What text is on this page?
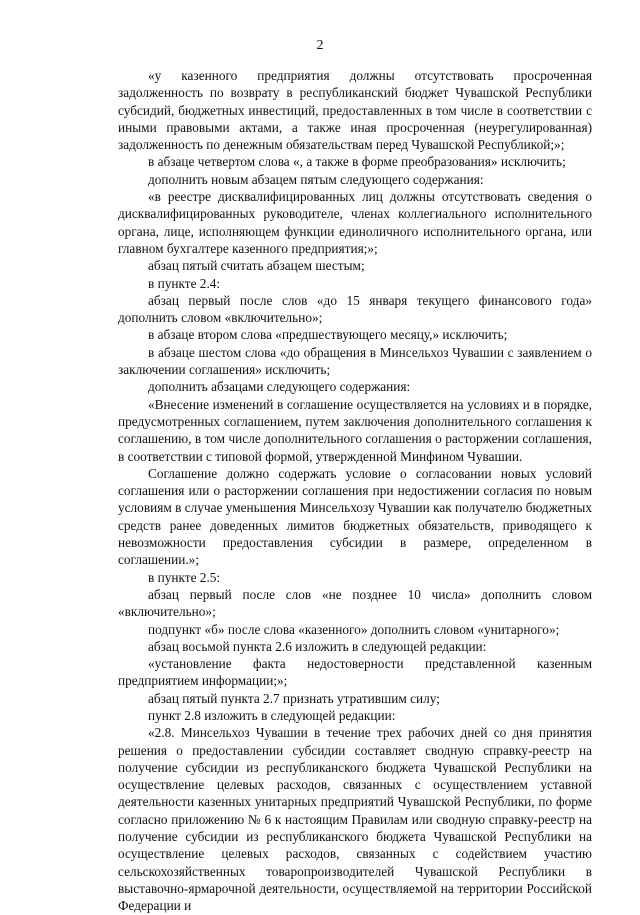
2

«у казенного предприятия должны отсутствовать просроченная задолженность по возврату в республиканский бюджет Чувашской Республики субсидий, бюджетных инвестиций, предоставленных в том числе в соответствии с иными правовыми актами, а также иная просроченная (неурегулированная) задолженность по денежным обязательствам перед Чувашской Республикой;»;

в абзаце четвертом слова «, а также в форме преобразования» исключить;

дополнить новым абзацем пятым следующего содержания:

«в реестре дисквалифицированных лиц должны отсутствовать сведения о дисквалифицированных руководителе, членах коллегиального исполнительного органа, лице, исполняющем функции единоличного исполнительного органа, или главном бухгалтере казенного предприятия;»;

абзац пятый считать абзацем шестым;

в пункте 2.4:

абзац первый после слов «до 15 января текущего финансового года» дополнить словом «включительно»;

в абзаце втором слова «предшествующего месяцу,» исключить;

в абзаце шестом слова «до обращения в Минсельхоз Чувашии с заявлением о заключении соглашения» исключить;

дополнить абзацами следующего содержания:

«Внесение изменений в соглашение осуществляется на условиях и в порядке, предусмотренных соглашением, путем заключения дополнительного соглашения к соглашению, в том числе дополнительного соглашения о расторжении соглашения, в соответствии с типовой формой, утвержденной Минфином Чувашии.

Соглашение должно содержать условие о согласовании новых условий соглашения или о расторжении соглашения при недостижении согласия по новым условиям в случае уменьшения Минсельхозу Чувашии как получателю бюджетных средств ранее доведенных лимитов бюджетных обязательств, приводящего к невозможности предоставления субсидии в размере, определенном в соглашении.»;

в пункте 2.5:

абзац первый после слов «не позднее 10 числа» дополнить словом «включительно»;

подпункт «б» после слова «казенного» дополнить словом «унитарного»;

абзац восьмой пункта 2.6 изложить в следующей редакции:

«установление факта недостоверности представленной казенным предприятием информации;»;

абзац пятый пункта 2.7 признать утратившим силу;

пункт 2.8 изложить в следующей редакции:

«2.8. Минсельхоз Чувашии в течение трех рабочих дней со дня принятия решения о предоставлении субсидии составляет сводную справку-реестр на получение субсидии из республиканского бюджета Чувашской Республики на осуществление целевых расходов, связанных с осуществлением уставной деятельности казенных унитарных предприятий Чувашской Республики, по форме согласно приложению № 6 к настоящим Правилам или сводную справку-реестр на получение субсидии из республиканского бюджета Чувашской Республики на осуществление целевых расходов, связанных с содействием участию сельскохозяйственных товаропроизводителей Чувашской Республики в выставочно-ярмарочной деятельности, осуществляемой на территории Российской Федерации и
